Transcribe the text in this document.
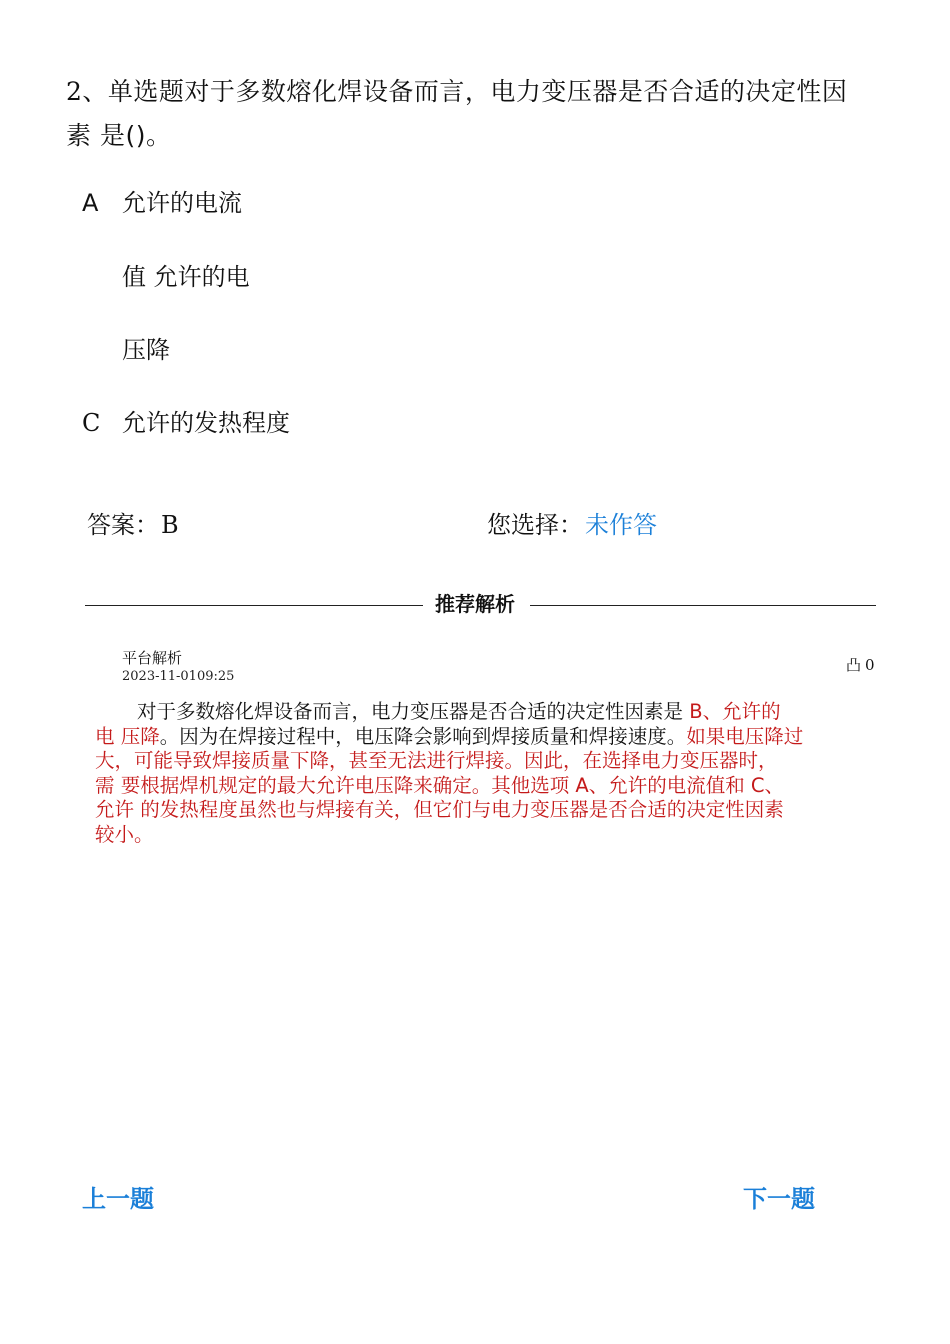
2、单选题对于多数熔化焊设备而言，电力变压器是否合适的决定性因
素 是()。
A 允许的电流
值 允许的电
压降
C 允许的发热程度
答案：B	您选择：未作答
推荐解析
平台解析
2023-11-0109:25
凸 0
对于多数熔化焊设备而言，电力变压器是否合适的决定性因素是 B、允许的
电 压降。因为在焊接过程中，电压降会影响到焊接质量和焊接速度。如果电压降过
大，可能导致焊接质量下降，甚至无法进行焊接。因此，在选择电力变压器时，
需 要根据焊机规定的最大允许电压降来确定。其他选项 A、允许的电流值和 C、
允许 的发热程度虽然也与焊接有关，但它们与电力变压器是否合适的决定性因素
较小。
上一题	下一题
